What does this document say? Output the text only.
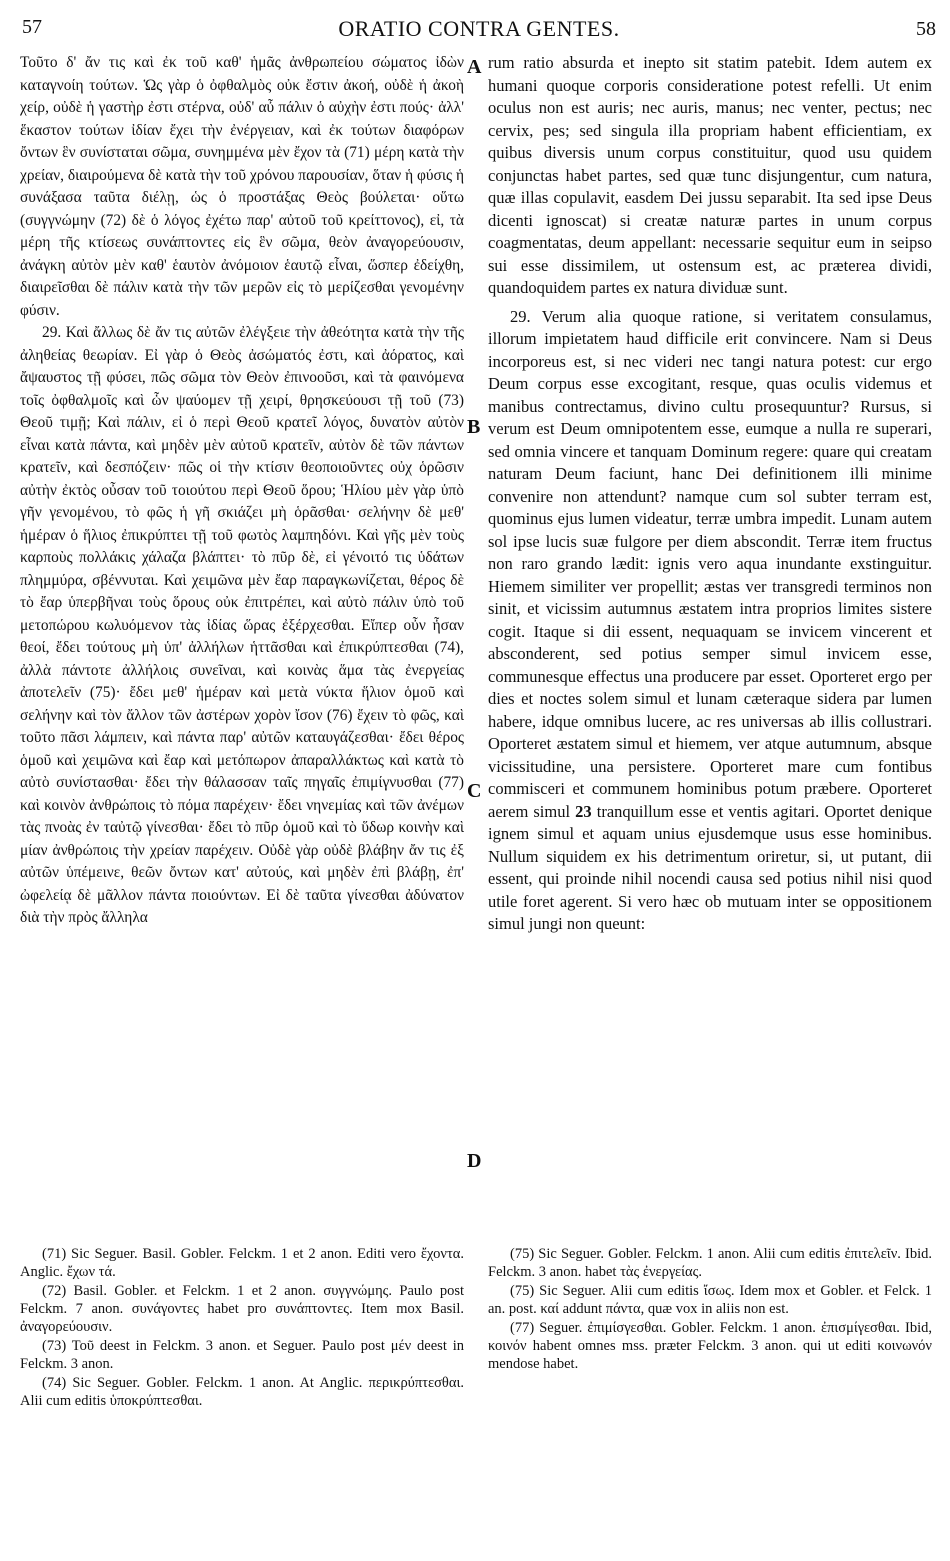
57	ORATIO CONTRA GENTES.	58

Τοῦτο δ' ἄν τις καὶ ἐκ τοῦ καθ' ἡμᾶς ἀνθρωπείου σώματος ἰδὼν καταγνοίη τούτων. Ὡς γὰρ ὁ ὀφθαλμὸς οὐκ ἔστιν ἀκοή, οὐδὲ ἡ ἀκοὴ χείρ, οὐδὲ ἡ γαστὴρ ἐστι στέρνα, οὐδ' αὖ πάλιν ὁ αὐχὴν ἐστι πούς· ἀλλ' ἕκαστον τούτων ἰδίαν ἔχει τὴν ἐνέργειαν, καὶ ἐκ τούτων διαφόρων ὄντων ἓν συνίσταται σῶμα, συνημμένα μὲν ἔχον τὰ (71) μέρη κατὰ τὴν χρείαν, διαιρούμενα δὲ κατὰ τὴν τοῦ χρόνου παρουσίαν, ὅταν ἡ φύσις ἡ συνάξασα ταῦτα διέλῃ, ὡς ὁ προστάξας Θεὸς βούλεται· οὕτω (συγγνώμην (72) δὲ ὁ λόγος ἐχέτω παρ' αὐτοῦ τοῦ κρείττονος), εἰ, τὰ μέρη τῆς κτίσεως συνάπτοντες εἰς ἓν σῶμα, θεὸν ἀναγορεύουσιν, ἀνάγκη αὐτὸν μὲν καθ' ἑαυτὸν ἀνόμοιον ἑαυτῷ εἶναι, ὥσπερ ἐδείχθη, διαιρεῖσθαι δὲ πάλιν κατὰ τὴν τῶν μερῶν εἰς τὸ μερίζεσθαι γενομένην φύσιν.

29. Καὶ ἄλλως δὲ ἄν τις αὐτῶν ἐλέγξειε τὴν ἀθεότητα κατὰ τὴν τῆς ἀληθείας θεωρίαν. Εἰ γὰρ ὁ Θεὸς ἀσώματός ἐστι, καὶ ἀόρατος, καὶ ἄψαυστος τῇ φύσει, πῶς σῶμα τὸν Θεὸν ἐπινοοῦσι, καὶ τὰ φαινόμενα τοῖς ὀφθαλμοῖς καὶ ὧν ψαύομεν τῇ χειρί, θρησκεύουσι τῇ τοῦ (73) Θεοῦ τιμῇ; Καὶ πάλιν, εἰ ὁ περὶ Θεοῦ κρατεῖ λόγος, δυνατὸν αὐτὸν εἶναι κατὰ πάντα, καὶ μηδὲν μὲν αὐτοῦ κρατεῖν, αὐτὸν δὲ τῶν πάντων κρατεῖν, καὶ δεσπόζειν· πῶς οἱ τὴν κτίσιν θεοποιοῦντες οὐχ ὁρῶσιν αὐτὴν ἐκτὸς οὖσαν τοῦ τοιούτου περὶ Θεοῦ ὅρου; Ἡλίου μὲν γὰρ ὑπὸ γῆν γενομένου, τὸ φῶς ἡ γῆ σκιάζει μὴ ὁρᾶσθαι· σελήνην δὲ μεθ' ἡμέραν ὁ ἥλιος ἐπικρύπτει τῇ τοῦ φωτὸς λαμπηδόνι. Καὶ γῆς μὲν τοὺς καρποὺς πολλάκις χάλαζα βλάπτει· τὸ πῦρ δὲ, εἰ γένοιτό τις ὑδάτων πλημμύρα, σβέννυται. Καὶ χειμῶνα μὲν ἔαρ παραγκωνίζεται, θέρος δὲ τὸ ἔαρ ὑπερβῆναι τοὺς ὅρους οὐκ ἐπιτρέπει, καὶ αὐτὸ πάλιν ὑπὸ τοῦ μετοπώρου κωλυόμενον τὰς ἰδίας ὥρας ἐξέρχεσθαι. Εἴπερ οὖν ἦσαν θεοί, ἔδει τούτους μὴ ὑπ' ἀλλήλων ἡττᾶσθαι καὶ ἐπικρύπτεσθαι (74), ἀλλὰ πάντοτε ἀλλήλοις συνεῖναι, καὶ κοινὰς ἅμα τὰς ἐνεργείας ἀποτελεῖν (75)· ἔδει μεθ' ἡμέραν καὶ μετὰ νύκτα ἥλιον ὁμοῦ καὶ σελήνην καὶ τὸν ἄλλον τῶν ἀστέρων χορὸν ἴσον (76) ἔχειν τὸ φῶς, καὶ τοῦτο πᾶσι λάμπειν, καὶ πάντα παρ' αὐτῶν καταυγάζεσθαι· ἔδει θέρος ὁμοῦ καὶ χειμῶνα καὶ ἔαρ καὶ μετόπωρον ἀπαραλλάκτως καὶ κατὰ τὸ αὐτὸ συνίστασθαι· ἔδει τὴν θάλασσαν ταῖς πηγαῖς ἐπιμίγνυσθαι (77) καὶ κοινὸν ἀνθρώποις τὸ πόμα παρέχειν· ἔδει νηνεμίας καὶ τῶν ἀνέμων τὰς πνοὰς ἐν ταὐτῷ γίνεσθαι· ἔδει τὸ πῦρ ὁμοῦ καὶ τὸ ὕδωρ κοινὴν καὶ μίαν ἀνθρώποις τὴν χρείαν παρέχειν. Οὐδὲ γὰρ οὐδὲ βλάβην ἄν τις ἐξ αὐτῶν ὑπέμεινε, θεῶν ὄντων κατ' αὐτούς, καὶ μηδὲν ἐπὶ βλάβῃ, ἐπ' ὠφελείᾳ δὲ μᾶλλον πάντα ποιούντων. Εἰ δὲ ταῦτα γίνεσθαι ἀδύνατον διὰ τὴν πρὸς ἄλληλα

A
B
C
D

rum ratio absurda et inepto sit statim patebit. Idem autem ex humani quoque corporis consideratione potest refelli. Ut enim oculus non est auris; nec auris, manus; nec venter, pectus; nec cervix, pes; sed singula illa propriam habent efficientiam, ex quibus diversis unum corpus constituitur, quod usu quidem conjunctas habet partes, sed quæ tunc disjungentur, cum natura, quæ illas copulavit, easdem Dei jussu separabit. Ita sed ipse Deus dicenti ignoscat) si creatæ naturæ partes in unum corpus coagmentatas, deum appellant: necessarie sequitur eum in seipso sui esse dissimilem, ut ostensum est, ac præterea dividi, quandoquidem partes ex natura dividuæ sunt.

29. Verum alia quoque ratione, si veritatem consulamus, illorum impietatem haud difficile erit convincere. Nam si Deus incorporeus est, si nec videri nec tangi natura potest: cur ergo Deum corpus esse excogitant, resque, quas oculis videmus et manibus contrectamus, divino cultu prosequuntur? Rursus, si verum est Deum omnipotentem esse, eumque a nulla re superari, sed omnia vincere et tanquam Dominum regere: quare qui creatam naturam Deum faciunt, hanc Dei definitionem illi minime convenire non attendunt? namque cum sol subter terram est, quominus ejus lumen videatur, terræ umbra impedit. Lunam autem sol ipse lucis suæ fulgore per diem abscondit. Terræ item fructus non raro grando lædit: ignis vero aqua inundante exstinguitur. Hiemem similiter ver propellit; æstas ver transgredi terminos non sinit, et vicissim autumnus æstatem intra proprios limites sistere cogit. Itaque si dii essent, nequaquam se invicem vincerent et absconderent, sed potius semper simul invicem esse, communesque effectus una producere par esset. Oporteret ergo per dies et noctes solem simul et lunam cæteraque sidera par lumen habere, idque omnibus lucere, ac res universas ab illis collustrari. Oporteret æstatem simul et hiemem, ver atque autumnum, absque vicissitudine, una persistere. Oporteret mare cum fontibus commisceri et communem hominibus potum præbere. Oporteret aerem simul 23 tranquillum esse et ventis agitari. Oportet denique ignem simul et aquam unius ejusdemque usus esse hominibus. Nullum siquidem ex his detrimentum oriretur, si, ut putant, dii essent, qui proinde nihil nocendi causa sed potius nihil nisi quod utile foret agerent. Si vero hæc ob mutuam inter se oppositionem simul jungi non queunt:

(71) Sic Seguer. Basil. Gobler. Felckm. 1 et 2 anon. Editi vero ἔχοντα. Anglic. ἔχων τά.

(72) Basil. Gobler. et Felckm. 1 et 2 anon. συγγνώμης. Paulo post Felckm. 7 anon. συνάγοντες habet pro συνάπτοντες. Item mox Basil. ἀναγορεύουσιν.

(73) Τοῦ deest in Felckm. 3 anon. et Seguer. Paulo post μέν deest in Felckm. 3 anon.

(74) Sic Seguer. Gobler. Felckm. 1 anon. At Anglic. περικρύπτεσθαι. Alii cum editis ὑποκρύπτεσθαι.

(75) Sic Seguer. Gobler. Felckm. 1 anon. Alii cum editis ἐπιτελεῖν. Ibid. Felckm. 3 anon. habet τὰς ἐνεργείας.

(75) Sic Seguer. Alii cum editis ἴσως. Idem mox et Gobler. et Felck. 1 an. post. καί addunt πάντα, quæ vox in aliis non est.

(77) Seguer. ἐπιμίσγεσθαι. Gobler. Felckm. 1 anon. ἐπισμίγεσθαι. Ibid, κοινόν habent omnes mss. præter Felckm. 3 anon. qui ut editi κοινωνόν mendose habet.
